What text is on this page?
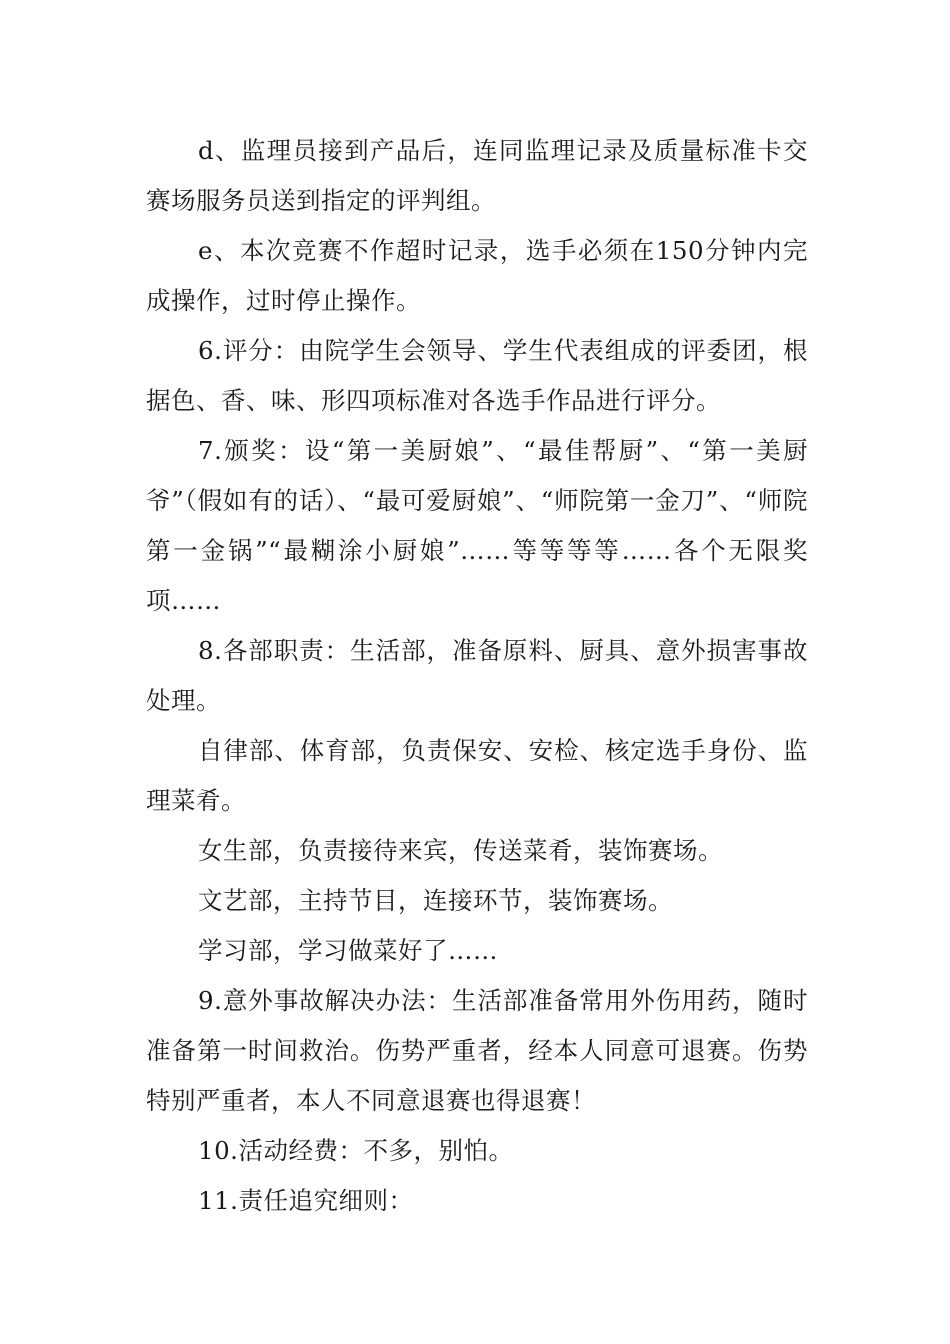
d、监理员接到产品后，连同监理记录及质量标准卡交赛场服务员送到指定的评判组。

e、本次竞赛不作超时记录，选手必须在150分钟内完成操作，过时停止操作。

6.评分：由院学生会领导、学生代表组成的评委团，根据色、香、味、形四项标准对各选手作品进行评分。

7.颁奖：设“第一美厨娘”、“最佳帮厨”、“第一美厨爷”（假如有的话）、“最可爱厨娘”、“师院第一金刀”、“师院第一金锅”“最糊涂小厨娘”……等等等等……各个无限奖项……

8.各部职责：生活部，准备原料、厨具、意外损害事故处理。

自律部、体育部，负责保安、安检、核定选手身份、监理菜肴。

女生部，负责接待来宾，传送菜肴，装饰赛场。

文艺部，主持节目，连接环节，装饰赛场。

学习部，学习做菜好了……

9.意外事故解决办法：生活部准备常用外伤用药，随时准备第一时间救治。伤势严重者，经本人同意可退赛。伤势特别严重者，本人不同意退赛也得退赛！

10.活动经费：不多，别怕。

11.责任追究细则：
